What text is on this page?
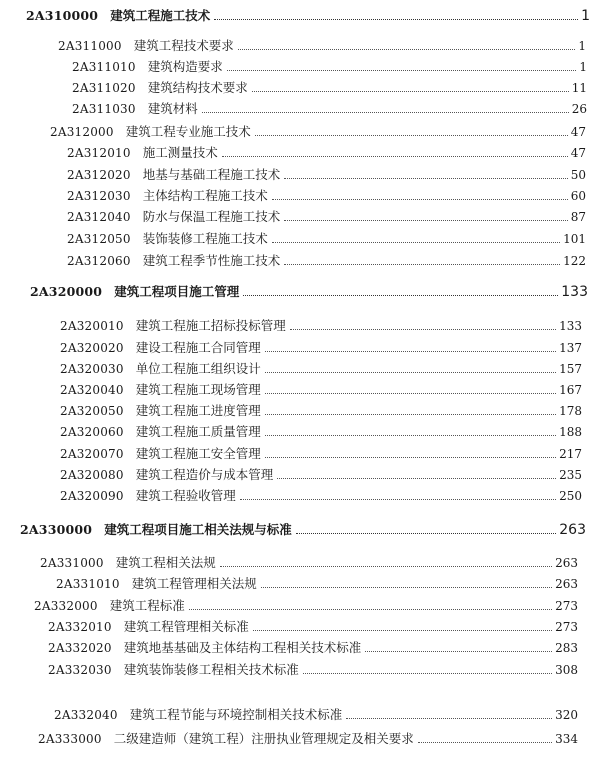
2A310000 建筑工程施工技术	1
2A311000 建筑工程技术要求	1
2A311010 建筑构造要求	1
2A311020 建筑结构技术要求	11
2A311030 建筑材料	26
2A312000 建筑工程专业施工技术	47
2A312010 施工测量技术	47
2A312020 地基与基础工程施工技术	50
2A312030 主体结构工程施工技术	60
2A312040 防水与保温工程施工技术	87
2A312050 装饰装修工程施工技术	101
2A312060 建筑工程季节性施工技术	122
2A320000 建筑工程项目施工管理	133
2A320010 建筑工程施工招标投标管理	133
2A320020 建设工程施工合同管理	137
2A320030 单位工程施工组织设计	157
2A320040 建筑工程施工现场管理	167
2A320050 建筑工程施工进度管理	178
2A320060 建筑工程施工质量管理	188
2A320070 建筑工程施工安全管理	217
2A320080 建筑工程造价与成本管理	235
2A320090 建筑工程验收管理	250
2A330000 建筑工程项目施工相关法规与标准	263
2A331000 建筑工程相关法规	263
2A331010 建筑工程管理相关法规	263
2A332000 建筑工程标准	273
2A332010 建筑工程管理相关标准	273
2A332020 建筑地基基础及主体结构工程相关技术标准	283
2A332030 建筑装饰装修工程相关技术标准	308
2A332040 建筑工程节能与环境控制相关技术标准	320
2A333000 二级建造师（建筑工程）注册执业管理规定及相关要求	334
